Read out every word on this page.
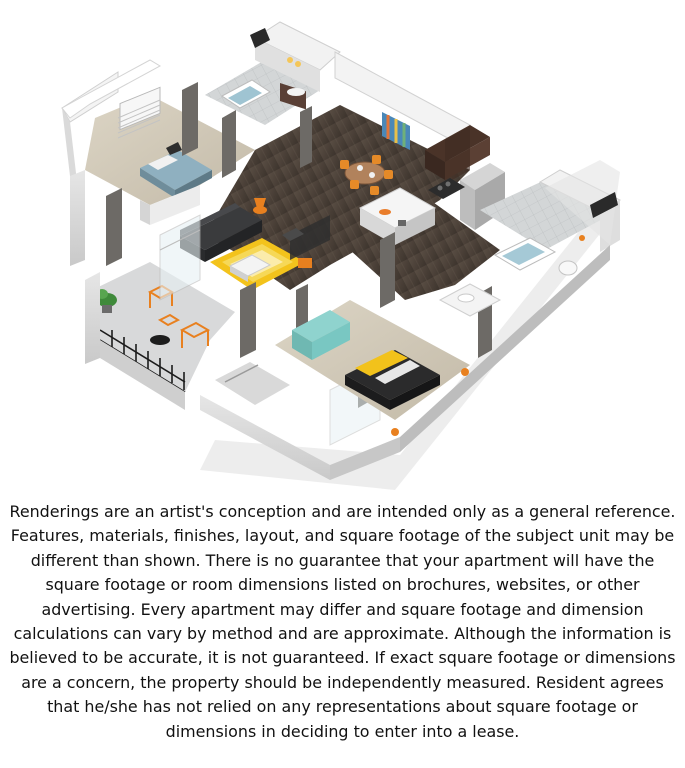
Renderings are an artist's conception and are intended only as a general reference. Features, materials, finishes, layout, and square footage of the subject unit may be different than shown. There is no guarantee that your apartment will have the square footage or room dimensions listed on brochures, websites, or other advertising. Every apartment may differ and square footage and dimension calculations can vary by method and are approximate. Although the information is believed to be accurate, it is not guaranteed. If exact square footage or dimensions are a concern, the property should be independently measured. Resident agrees that he/she has not relied on any representations about square footage or dimensions in deciding to enter into a lease.
